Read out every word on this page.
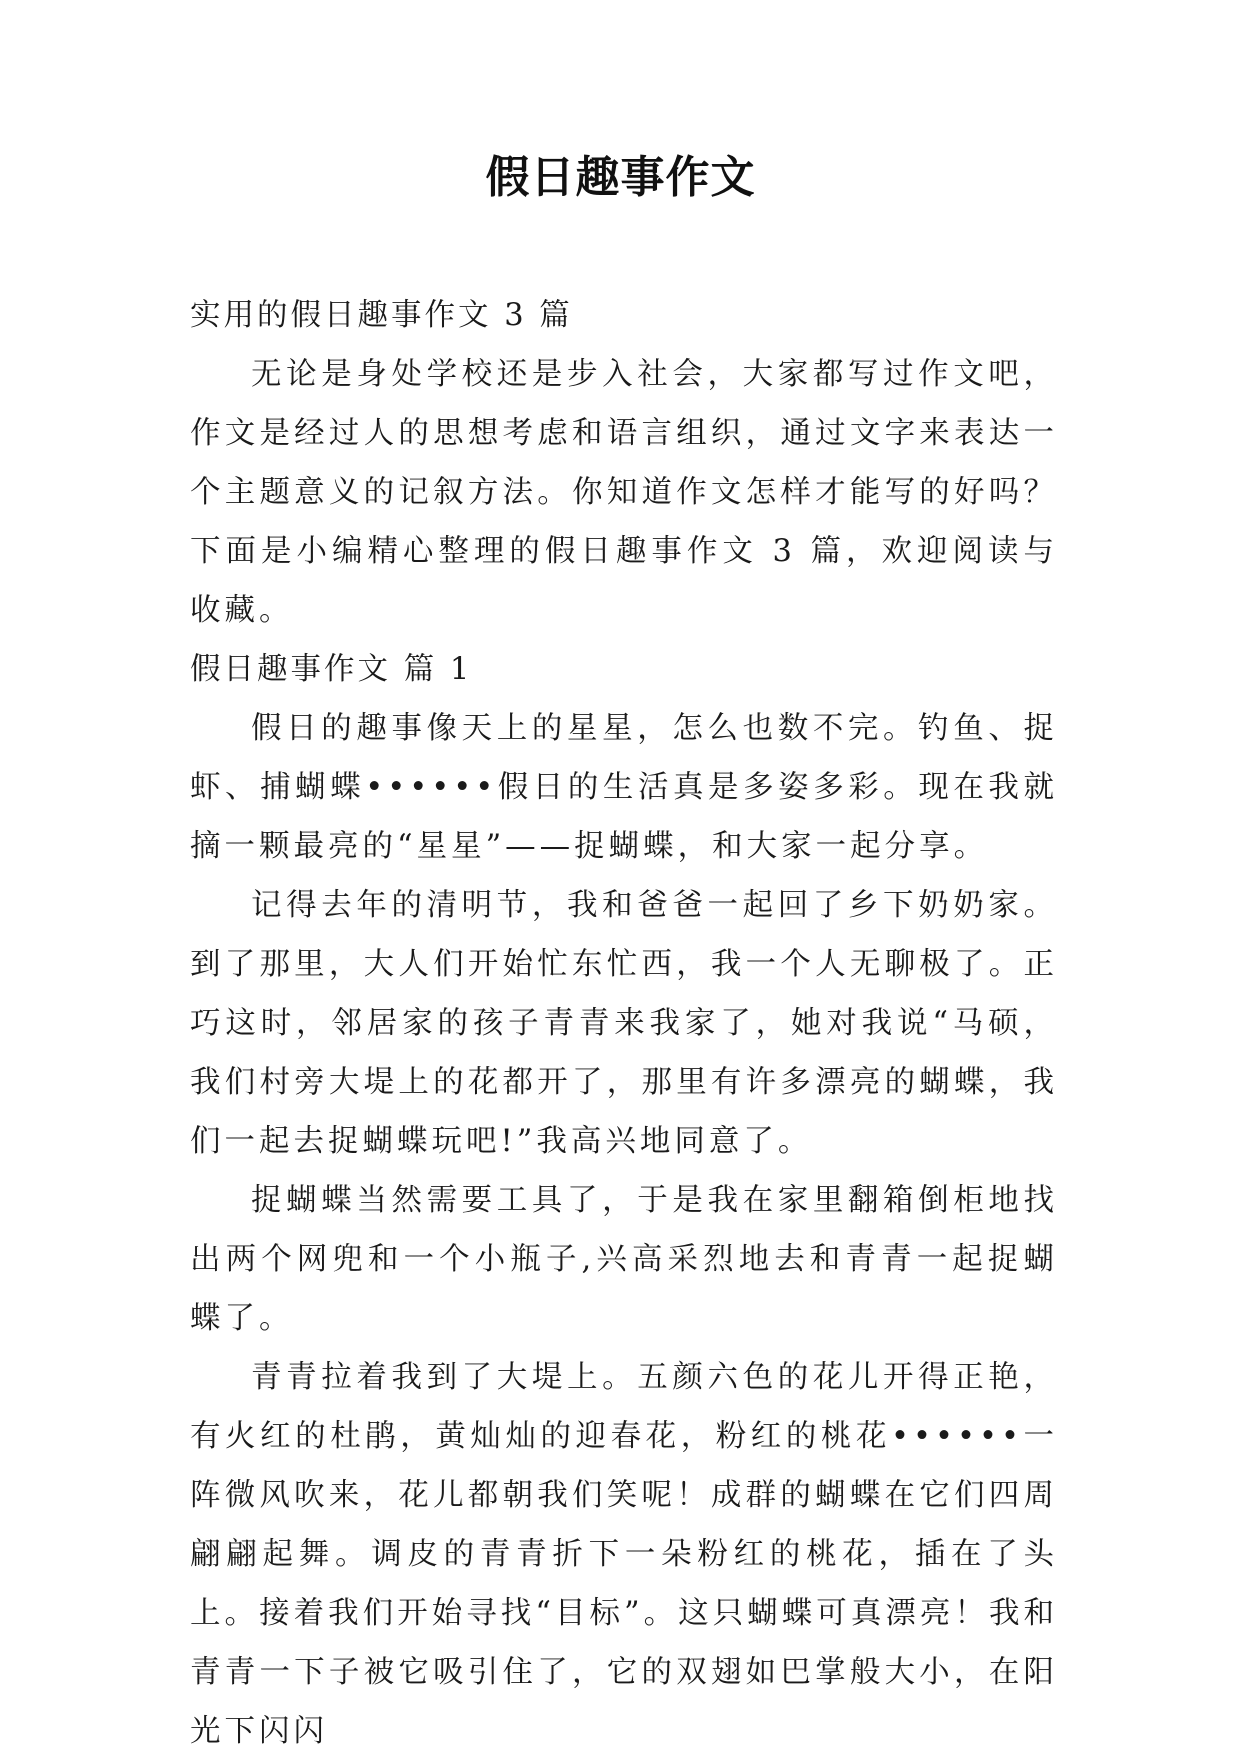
假日趣事作文

实用的假日趣事作文 3 篇

无论是身处学校还是步入社会，大家都写过作文吧，作文是经过人的思想考虑和语言组织，通过文字来表达一个主题意义的记叙方法。你知道作文怎样才能写的好吗？下面是小编精心整理的假日趣事作文 3 篇，欢迎阅读与收藏。

假日趣事作文 篇 1

假日的趣事像天上的星星，怎么也数不完。钓鱼、捉虾、捕蝴蝶••••••假日的生活真是多姿多彩。现在我就摘一颗最亮的“星星”——捉蝴蝶，和大家一起分享。

记得去年的清明节，我和爸爸一起回了乡下奶奶家。到了那里，大人们开始忙东忙西，我一个人无聊极了。正巧这时，邻居家的孩子青青来我家了，她对我说“马硕，我们村旁大堤上的花都开了，那里有许多漂亮的蝴蝶，我们一起去捉蝴蝶玩吧!”我高兴地同意了。

捉蝴蝶当然需要工具了，于是我在家里翻箱倒柜地找出两个网兜和一个小瓶子,兴高采烈地去和青青一起捉蝴蝶了。

青青拉着我到了大堤上。五颜六色的花儿开得正艳，有火红的杜鹃，黄灿灿的迎春花，粉红的桃花••••••一阵微风吹来，花儿都朝我们笑呢！成群的蝴蝶在它们四周翩翩起舞。调皮的青青折下一朵粉红的桃花，插在了头上。接着我们开始寻找“目标”。这只蝴蝶可真漂亮！我和青青一下子被它吸引住了，它的双翅如巴掌般大小，在阳光下闪闪
